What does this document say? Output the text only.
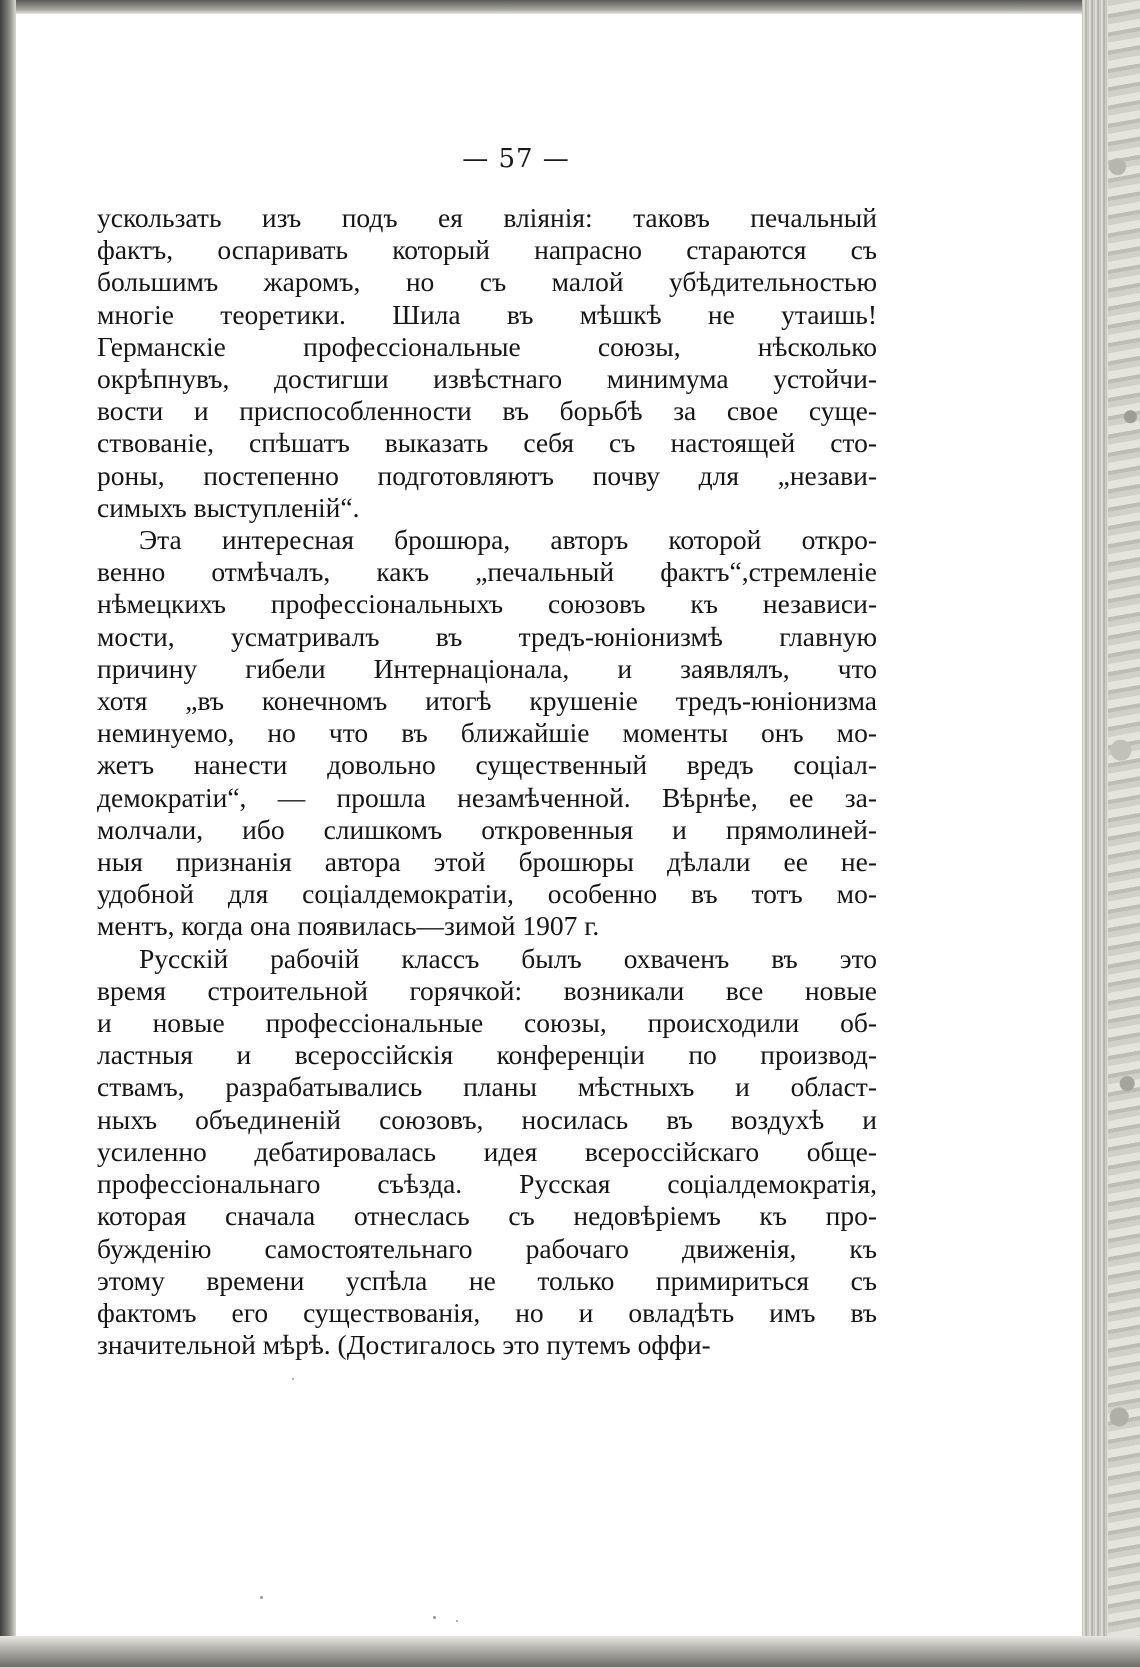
— 57 —
ускользать изъ подъ ея вліянія: таковъ печальный
фактъ, оспаривать который напрасно стараются съ
большимъ жаромъ, но съ малой убѣдительностью
многіе теоретики. Шила въ мѣшкѣ не утаишь!
Германскіе профессіональные союзы, нѣсколько
окрѣпнувъ, достигши извѣстнаго минимума устойчи-
вости и приспособленности въ борьбѣ за свое суще-
ствованіе, спѣшатъ выказать себя съ настоящей сто-
роны, постепенно подготовляютъ почву для „незави-
симыхъ выступленій“.
Эта интересная брошюра, авторъ которой откро-
венно отмѣчалъ, какъ „печальный фактъ“,стремленіе
нѣмецкихъ профессіональныхъ союзовъ къ независи-
мости, усматривалъ въ тредъ-юніонизмѣ главную
причину гибели Интернаціонала, и заявлялъ, что
хотя „въ конечномъ итогѣ крушеніе тредъ-юніонизма
неминуемо, но что въ ближайшіе моменты онъ мо-
жетъ нанести довольно существенный вредъ соціал-
демократіи“, — прошла незамѣченной. Вѣрнѣе, ее за-
молчали, ибо слишкомъ откровенныя и прямолиней-
ныя признанія автора этой брошюры дѣлали ее не-
удобной для соціалдемократіи, особенно въ тотъ мо-
ментъ, когда она появилась—зимой 1907 г.
Русскій рабочій классъ былъ охваченъ въ это
время строительной горячкой: возникали все новые
и новые профессіональные союзы, происходили об-
ластныя и всероссійскія конференціи по производ-
ствамъ, разрабатывались планы мѣстныхъ и област-
ныхъ объединеній союзовъ, носилась въ воздухѣ и
усиленно дебатировалась идея всероссійскаго обще-
профессіональнаго съѣзда. Русская соціалдемократія,
которая сначала отнеслась съ недовѣріемъ къ про-
бужденію самостоятельнаго рабочаго движенія, къ
этому времени успѣла не только примириться съ
фактомъ его существованія, но и овладѣть имъ въ
значительной мѣрѣ. (Достигалось это путемъ оффи-
